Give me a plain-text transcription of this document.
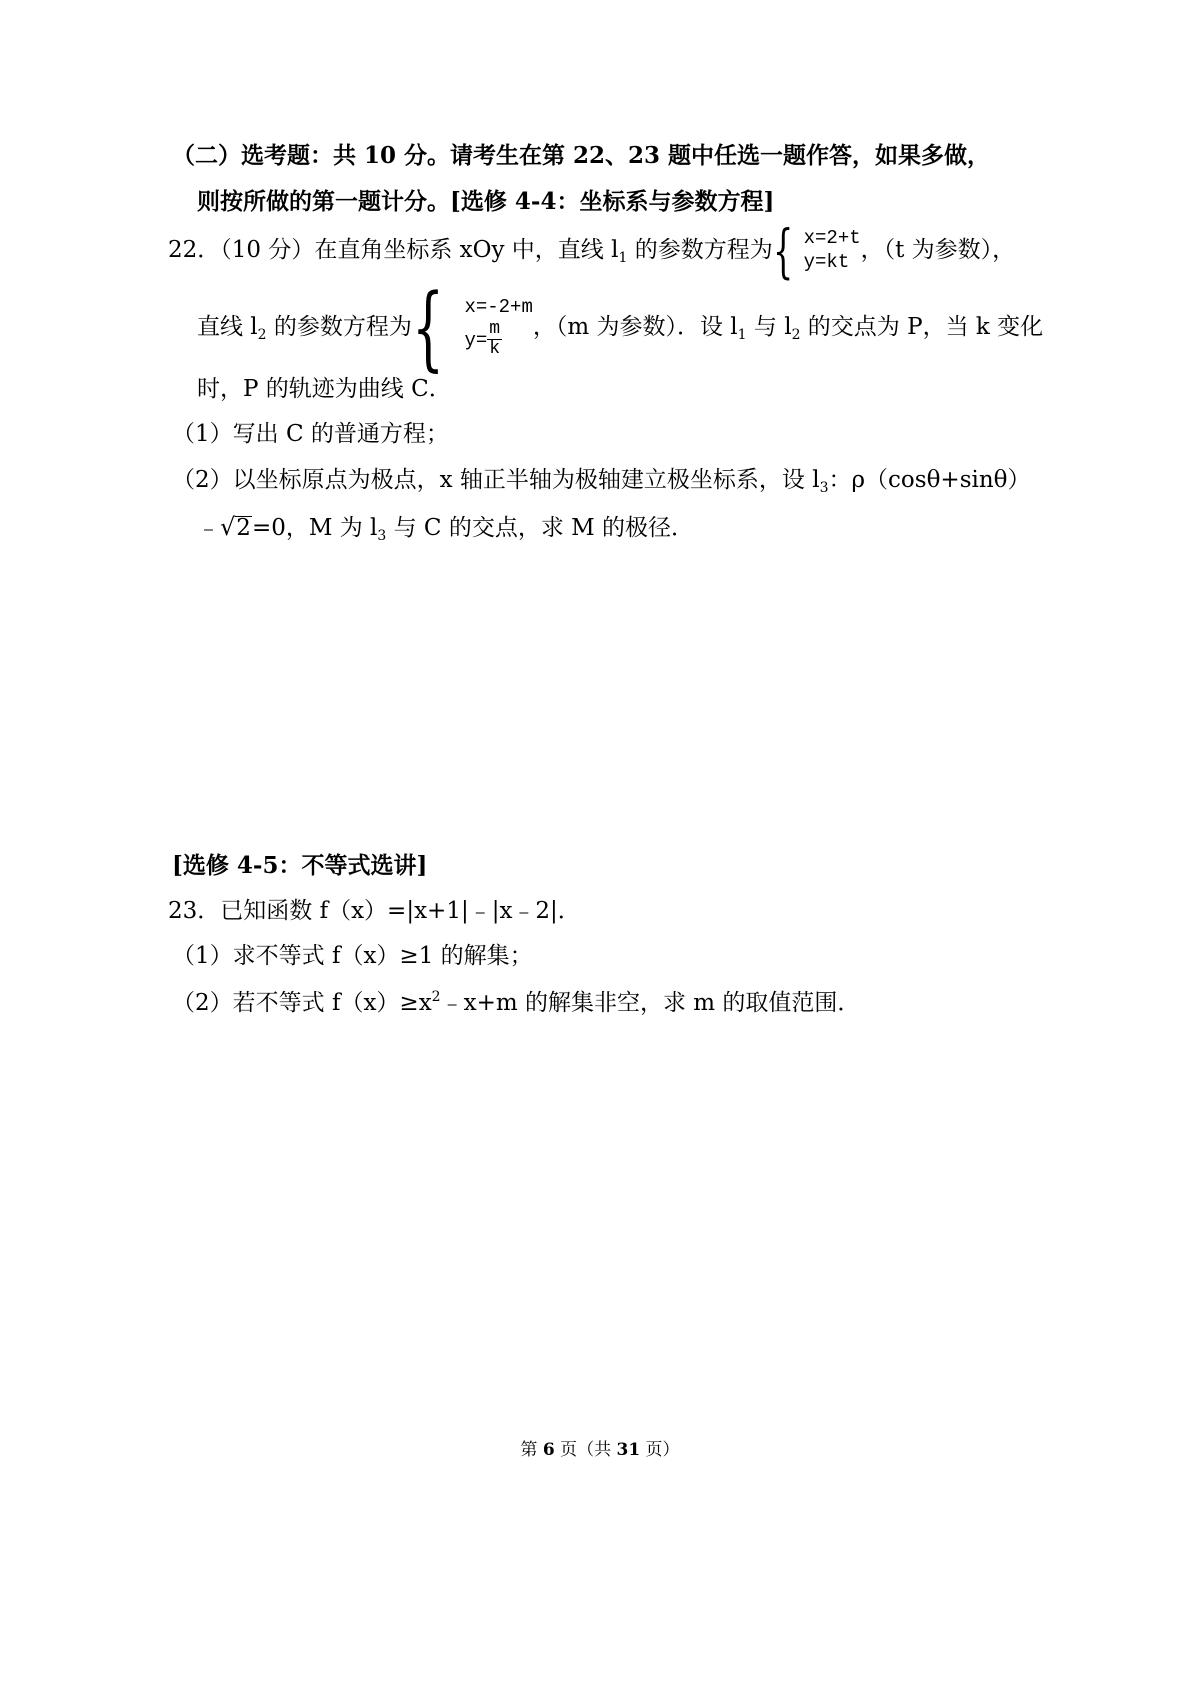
（二）选考题：共 10 分。请考生在第 22、23 题中任选一题作答，如果多做，
则按所做的第一题计分。[选修 4-4：坐标系与参数方程]
22．（10 分）在直角坐标系 xOy 中，直线 $l_1$ 的参数方程为{ x=2+t
y=kt ，（t 为参数），
直线 $l_2$ 的参数方程为{ x=-2+m
$y= \frac{m}{k}$ ，（m 为参数）．设 $l_1$ 与 $l_2$ 的交点为 P，当 k 变化
时，P 的轨迹为曲线 C．
（1）写出 C 的普通方程；
（2）以坐标原点为极点，x 轴正半轴为极轴建立极坐标系，设 $l_3$：ρ（cosθ+sinθ）
﹣√2=0，M 为 $l_3$ 与 C 的交点，求 M 的极径．
[选修 4-5：不等式选讲]
23．已知函数 f（x）=|x+1|﹣|x﹣2|．
（1）求不等式 f（x）≥1 的解集；
（2）若不等式 $f(x)\ge x^2﹣x+m$ 的解集非空，求 m 的取值范围．
第 6 页（共 31 页）
